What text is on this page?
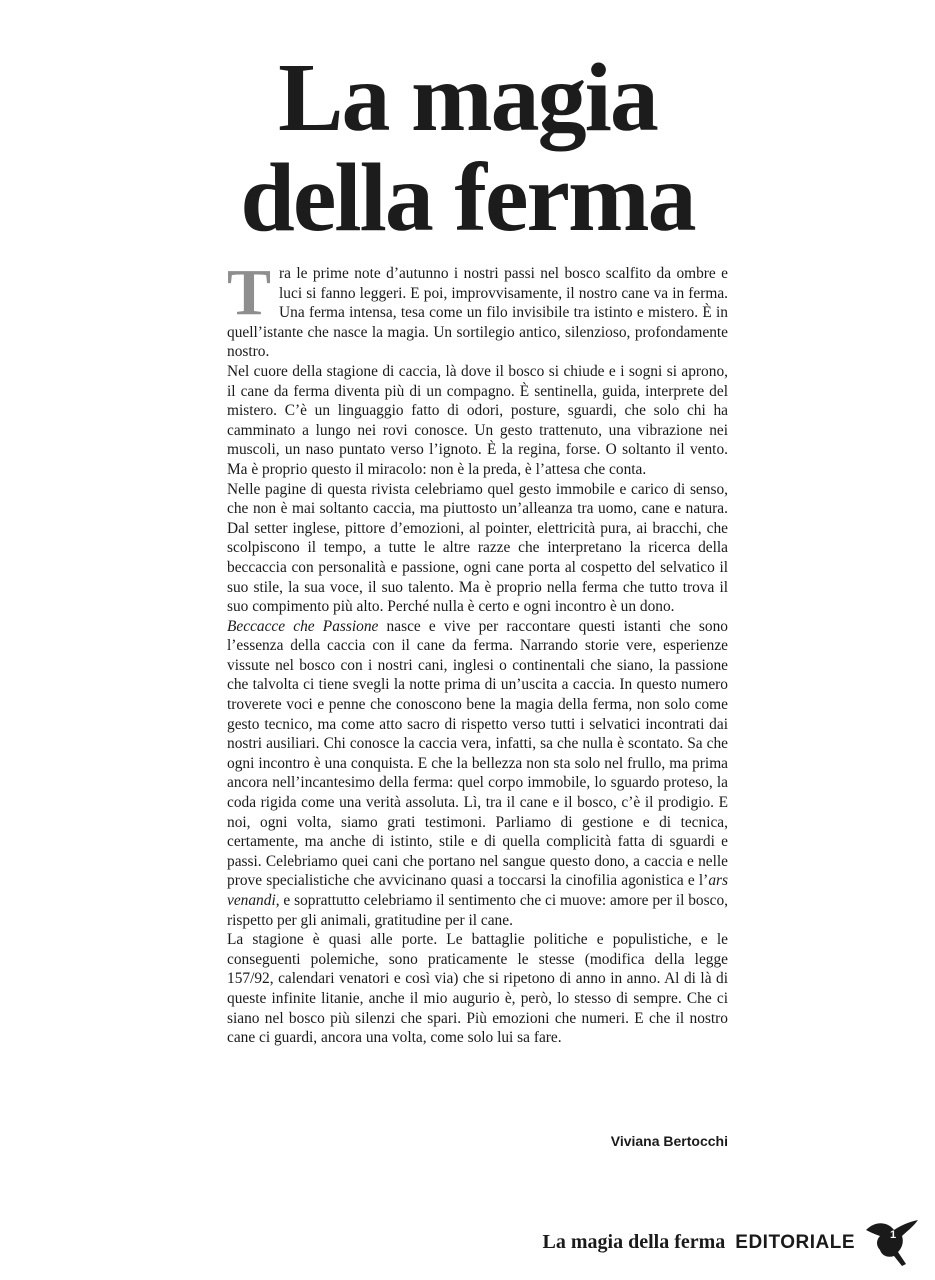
La magia
della ferma

Tra le prime note d’autunno i nostri passi nel bosco scalfito da ombre e luci si fanno leggeri. E poi, improvvisamente, il nostro cane va in ferma. Una ferma intensa, tesa come un filo invisibile tra istinto e mistero. È in quell’istante che nasce la magia. Un sortilegio antico, silenzioso, profondamente nostro.

Nel cuore della stagione di caccia, là dove il bosco si chiude e i sogni si aprono, il cane da ferma diventa più di un compagno. È sentinella, guida, interprete del mistero. C’è un linguaggio fatto di odori, posture, sguardi, che solo chi ha camminato a lungo nei rovi conosce. Un gesto trattenuto, una vibrazione nei muscoli, un naso puntato verso l’ignoto. È la regina, forse. O soltanto il vento. Ma è proprio questo il miracolo: non è la preda, è l’attesa che conta.

Nelle pagine di questa rivista celebriamo quel gesto immobile e carico di senso, che non è mai soltanto caccia, ma piuttosto un’alleanza tra uomo, cane e natura. Dal setter inglese, pittore d’emozioni, al pointer, elettricità pura, ai bracchi, che scolpiscono il tempo, a tutte le altre razze che interpretano la ricerca della beccaccia con personalità e passione, ogni cane porta al cospetto del selvatico il suo stile, la sua voce, il suo talento. Ma è proprio nella ferma che tutto trova il suo compimento più alto. Perché nulla è certo e ogni incontro è un dono.

Beccacce che Passione nasce e vive per raccontare questi istanti che sono l’essenza della caccia con il cane da ferma. Narrando storie vere, esperienze vissute nel bosco con i nostri cani, inglesi o continentali che siano, la passione che talvolta ci tiene svegli la notte prima di un’uscita a caccia. In questo numero troverete voci e penne che conoscono bene la magia della ferma, non solo come gesto tecnico, ma come atto sacro di rispetto verso tutti i selvatici incontrati dai nostri ausiliari. Chi conosce la caccia vera, infatti, sa che nulla è scontato. Sa che ogni incontro è una conquista. E che la bellezza non sta solo nel frullo, ma prima ancora nell’incantesimo della ferma: quel corpo immobile, lo sguardo proteso, la coda rigida come una verità assoluta. Lì, tra il cane e il bosco, c’è il prodigio. E noi, ogni volta, siamo grati testimoni. Parliamo di gestione e di tecnica, certamente, ma anche di istinto, stile e di quella complicità fatta di sguardi e passi. Celebriamo quei cani che portano nel sangue questo dono, a caccia e nelle prove specialistiche che avvicinano quasi a toccarsi la cinofilia agonistica e l’ars venandi, e soprattutto celebriamo il sentimento che ci muove: amore per il bosco, rispetto per gli animali, gratitudine per il cane.

La stagione è quasi alle porte. Le battaglie politiche e populistiche, e le conseguenti polemiche, sono praticamente le stesse (modifica della legge 157/92, calendari venatori e così via) che si ripetono di anno in anno. Al di là di queste infinite litanie, anche il mio augurio è, però, lo stesso di sempre. Che ci siano nel bosco più silenzi che spari. Più emozioni che numeri. E che il nostro cane ci guardi, ancora una volta, come solo lui sa fare.

Viviana Bertocchi
La magia della ferma EDITORIALE	1
